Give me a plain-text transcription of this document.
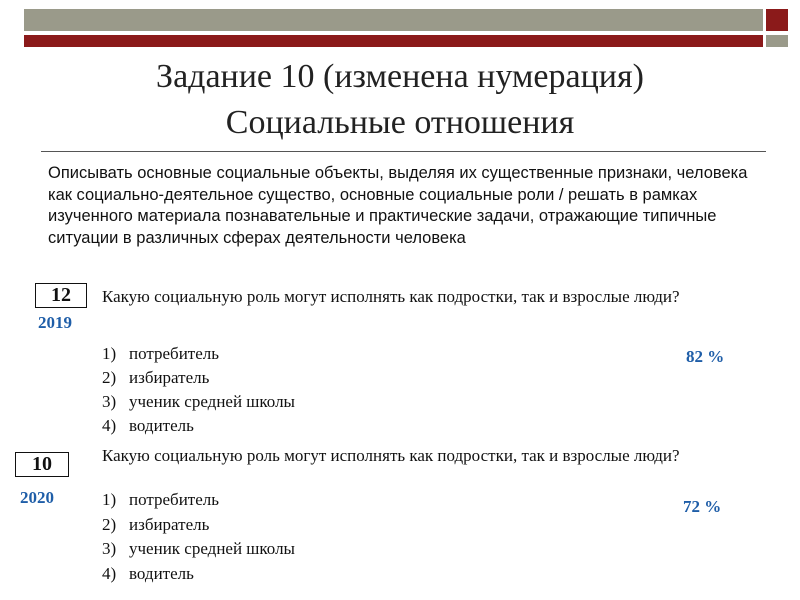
Задание 10 (изменена нумерация)
Социальные отношения
Описывать основные социальные объекты, выделяя их существенные признаки, человека как социально-деятельное существо, основные социальные роли / решать в рамках изученного материала познавательные и практические задачи, отражающие типичные ситуации в различных сферах деятельности человека
12
2019
Какую социальную роль могут исполнять как подростки, так и взрослые люди?
1) потребитель
2) избиратель
3) ученик средней школы
4) водитель
82 %
10
2020
Какую социальную роль могут исполнять как подростки, так и взрослые люди?
1) потребитель
2) избиратель
3) ученик средней школы
4) водитель
72 %
